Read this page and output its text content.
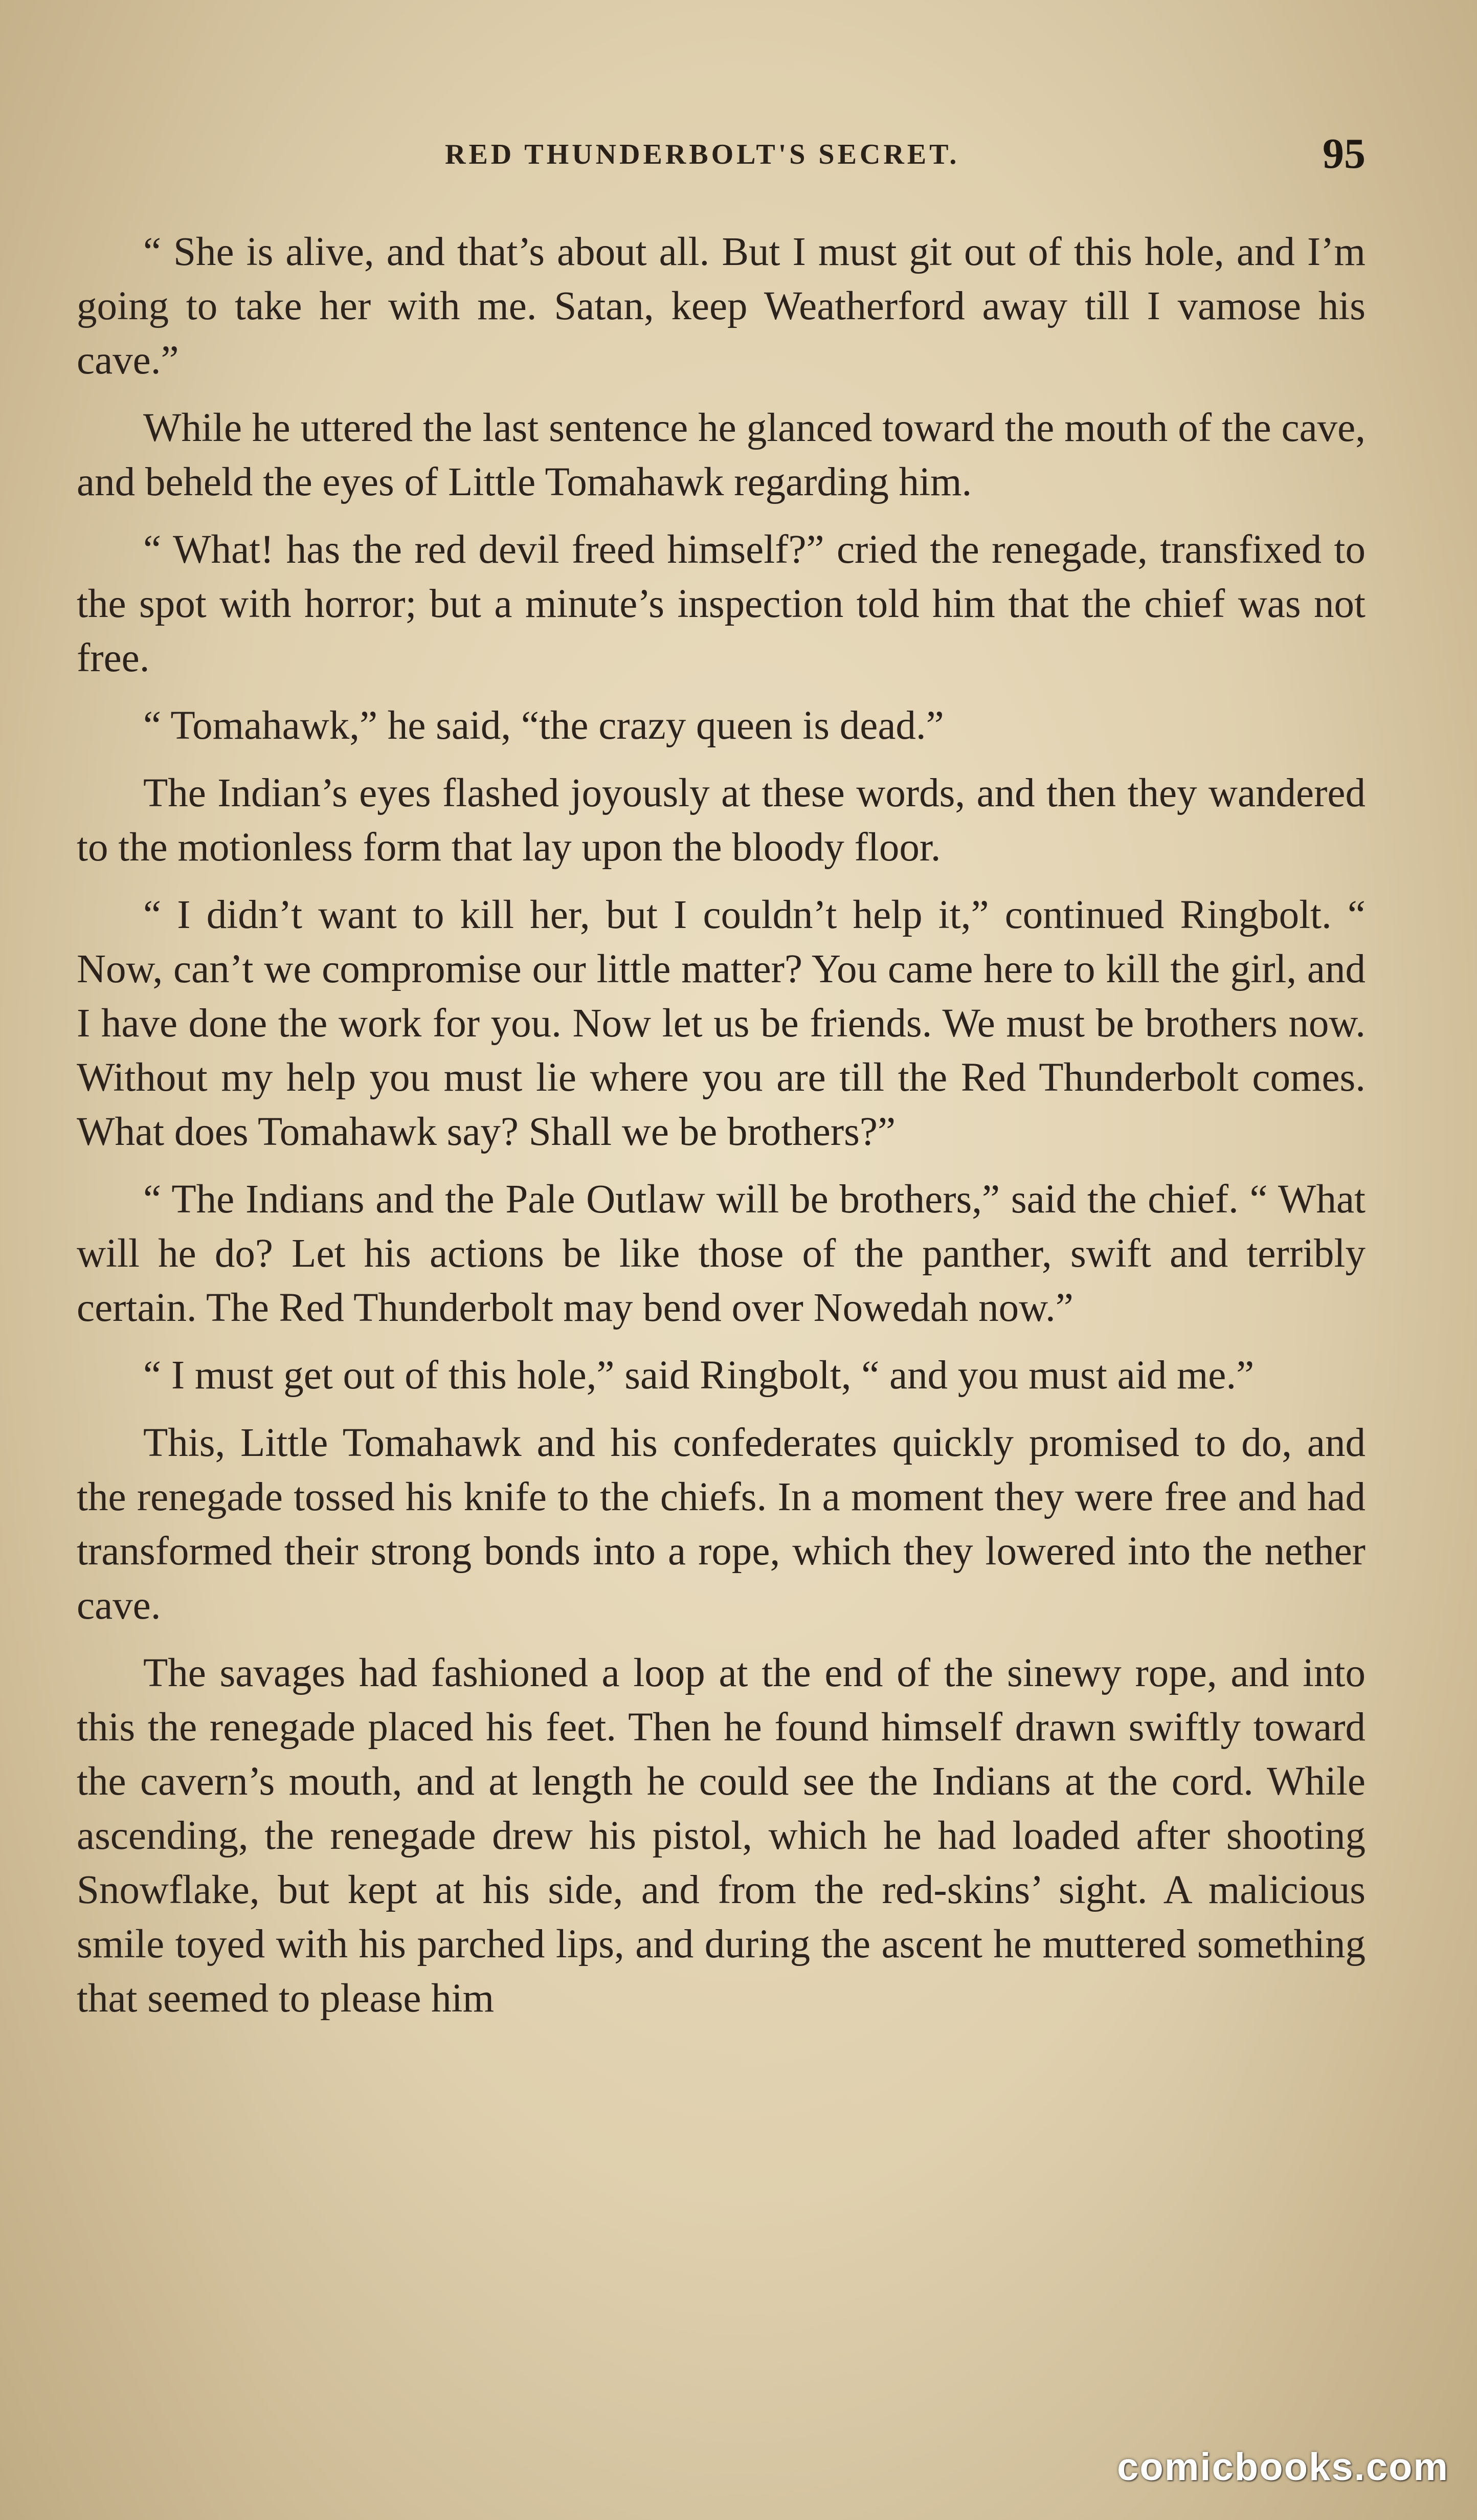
RED THUNDERBOLT'S SECRET.	95

“ She is alive, and that’s about all. But I must git out of this hole, and I’m going to take her with me. Satan, keep Weatherford away till I vamose his cave.”

While he uttered the last sentence he glanced toward the mouth of the cave, and beheld the eyes of Little Tomahawk regarding him.

“ What! has the red devil freed himself?” cried the renegade, transfixed to the spot with horror; but a minute’s inspection told him that the chief was not free.

“ Tomahawk,” he said, “the crazy queen is dead.”

The Indian’s eyes flashed joyously at these words, and then they wandered to the motionless form that lay upon the bloody floor.

“ I didn’t want to kill her, but I couldn’t help it,” continued Ringbolt. “ Now, can’t we compromise our little matter? You came here to kill the girl, and I have done the work for you. Now let us be friends. We must be brothers now. Without my help you must lie where you are till the Red Thunderbolt comes. What does Tomahawk say? Shall we be brothers?”

“ The Indians and the Pale Outlaw will be brothers,” said the chief. “ What will he do? Let his actions be like those of the panther, swift and terribly certain. The Red Thunderbolt may bend over Nowedah now.”

“ I must get out of this hole,” said Ringbolt, “ and you must aid me.”

This, Little Tomahawk and his confederates quickly promised to do, and the renegade tossed his knife to the chiefs. In a moment they were free and had transformed their strong bonds into a rope, which they lowered into the nether cave.

The savages had fashioned a loop at the end of the sinewy rope, and into this the renegade placed his feet. Then he found himself drawn swiftly toward the cavern’s mouth, and at length he could see the Indians at the cord. While ascending, the renegade drew his pistol, which he had loaded after shooting Snowflake, but kept at his side, and from the red-skins’ sight. A malicious smile toyed with his parched lips, and during the ascent he muttered something that seemed to please him

comicbooks.com
